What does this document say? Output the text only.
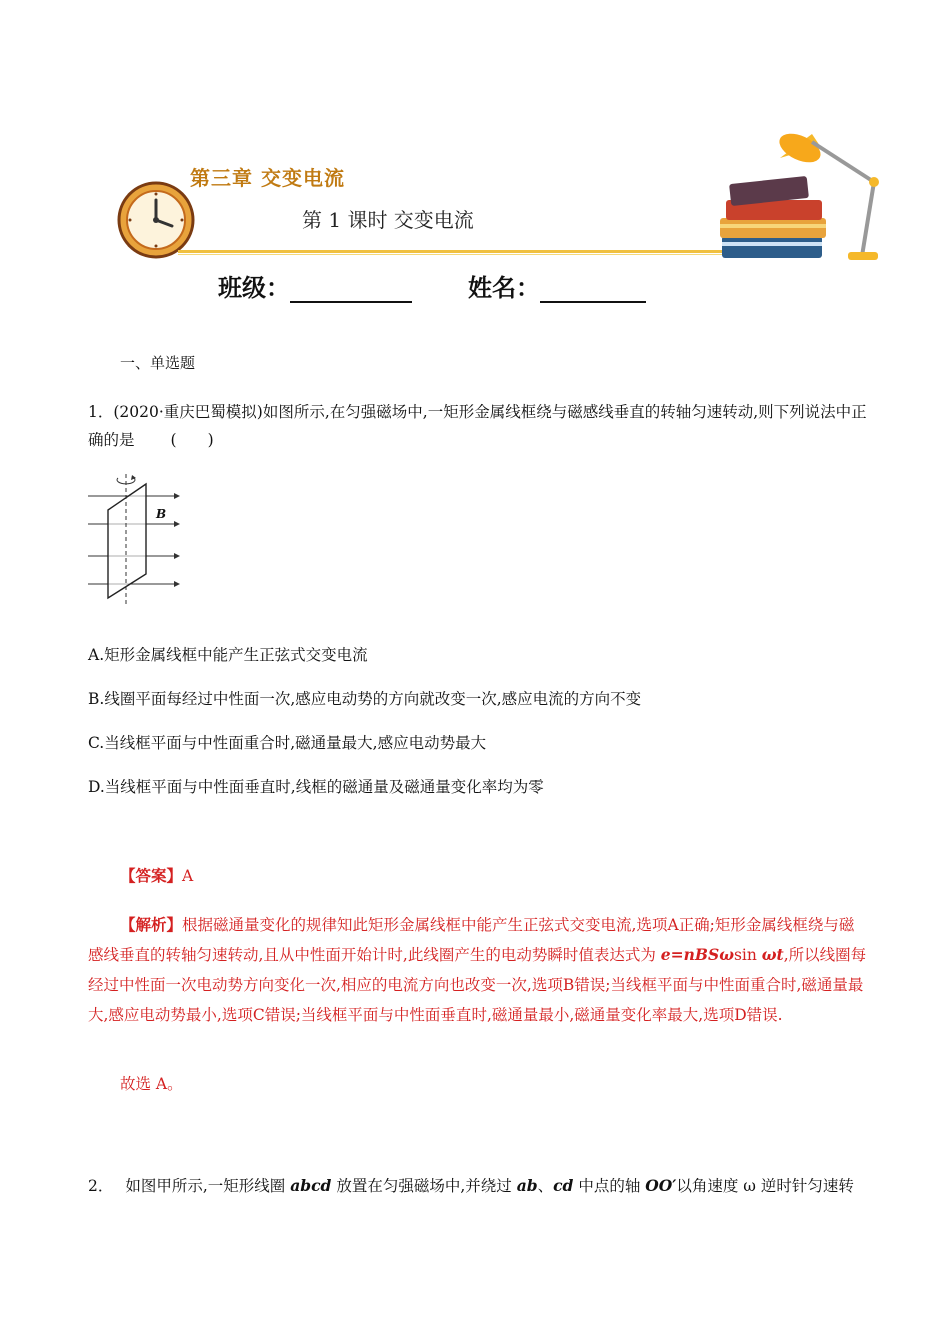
第三章 交变电流
第 1 课时 交变电流
班级：	姓名：
一、单选题
1．(2020·重庆巴蜀模拟)如图所示,在匀强磁场中,一矩形金属线框绕与磁感线垂直的转轴匀速转动,则下列说法中正确的是 (　　)
B
A.矩形金属线框中能产生正弦式交变电流
B.线圈平面每经过中性面一次,感应电动势的方向就改变一次,感应电流的方向不变
C.当线框平面与中性面重合时,磁通量最大,感应电动势最大
D.当线框平面与中性面垂直时,线框的磁通量及磁通量变化率均为零
【答案】A
【解析】根据磁通量变化的规律知此矩形金属线框中能产生正弦式交变电流,选项A正确;矩形金属线框绕与磁感线垂直的转轴匀速转动,且从中性面开始计时,此线圈产生的电动势瞬时值表达式为 e=nBSωsin ωt,所以线圈每经过中性面一次电动势方向变化一次,相应的电流方向也改变一次,选项B错误;当线框平面与中性面重合时,磁通量最大,感应电动势最小,选项C错误;当线框平面与中性面垂直时,磁通量最小,磁通量变化率最大,选项D错误.
故选 A。
2． 如图甲所示,一矩形线圈 abcd 放置在匀强磁场中,并绕过 ab、cd 中点的轴 OO′以角速度 ω 逆时针匀速转
